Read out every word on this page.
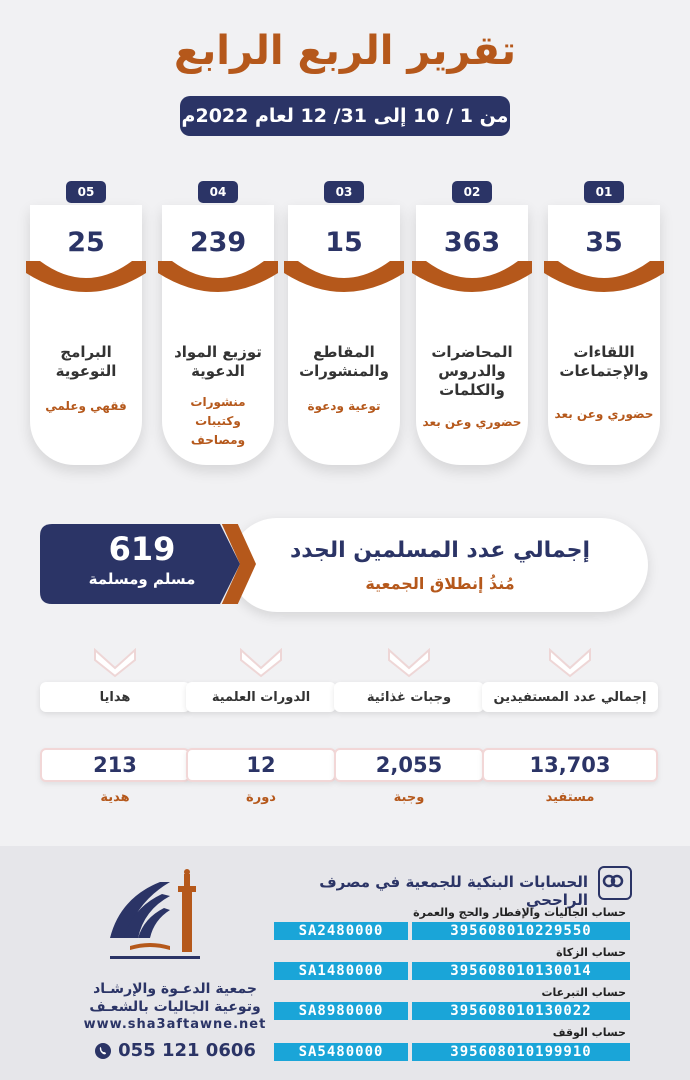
تقرير الربع الرابع
من 1 / 10 إلى 31/ 12 لعام 2022م
05
25
البرامج التوعوية
فقهي وعلمي
04
239
توزيع المواد الدعوية
منشورات وكتيبات ومصاحف
03
15
المقاطع والمنشورات
توعية ودعوة
02
363
المحاضرات والدروس والكلمات
حضوري وعن بعد
01
35
اللقاءات والإجتماعات
حضوري وعن بعد
619
مسلم ومسلمة
إجمالي عدد المسلمين الجدد
مُنذُ إنطلاق الجمعية
هدايا
213
هدية
الدورات العلمية
12
دورة
وجبات غذائية
2,055
وجبة
إجمالي عدد المستفيدين
13,703
مستفيد
الحسابات البنكية للجمعية في مصرف الراجحي
حساب الجاليات والإفطار والحج والعمرة
SA2480000	395608010229550
حساب الزكاة
SA1480000	395608010130014
حساب التبرعات
SA8980000	395608010130022
حساب الوقف
SA5480000	395608010199910
جمعية الدعـوة والإرشـاد
وتوعية الجاليات بالشعـف
www.sha3aftawne.net
055 121 0606
